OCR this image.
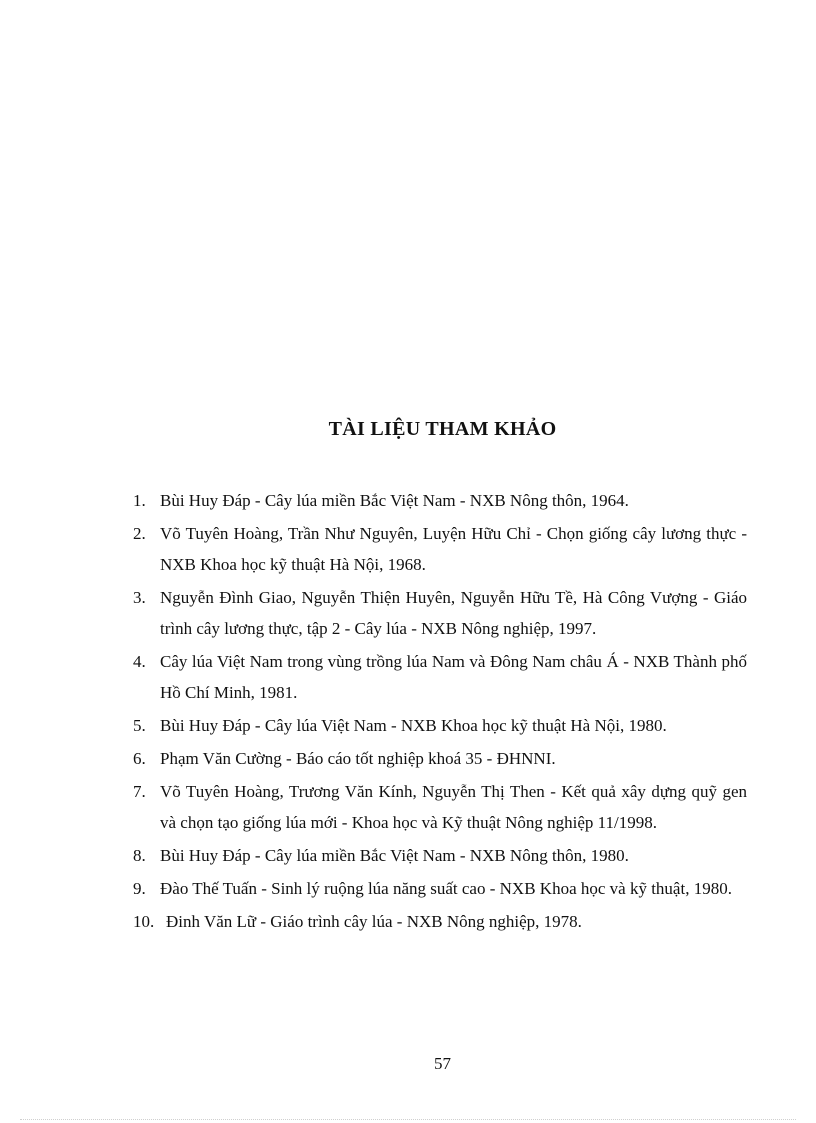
TÀI LIỆU THAM KHẢO
1. Bùi Huy Đáp - Cây lúa miền Bắc Việt Nam - NXB Nông thôn, 1964.
2. Võ Tuyên Hoàng, Trần Như Nguyên, Luyện Hữu Chỉ - Chọn giống cây lương thực - NXB Khoa học kỹ thuật Hà Nội, 1968.
3. Nguyễn Đình Giao, Nguyễn Thiện Huyên, Nguyễn Hữu Tề, Hà Công Vượng - Giáo trình cây lương thực, tập 2 - Cây lúa - NXB Nông nghiệp, 1997.
4. Cây lúa Việt Nam trong vùng trồng lúa Nam và Đông Nam châu Á - NXB Thành phố Hồ Chí Minh, 1981.
5. Bùi Huy Đáp - Cây lúa Việt Nam - NXB Khoa học kỹ thuật Hà Nội, 1980.
6. Phạm Văn Cường - Báo cáo tốt nghiệp khoá 35 - ĐHNNI.
7. Võ Tuyên Hoàng, Trương Văn Kính, Nguyễn Thị Then - Kết quả xây dựng quỹ gen và chọn tạo giống lúa mới - Khoa học và Kỹ thuật Nông nghiệp 11/1998.
8. Bùi Huy Đáp - Cây lúa miền Bắc Việt Nam - NXB Nông thôn, 1980.
9. Đào Thế Tuấn - Sinh lý ruộng lúa năng suất cao - NXB Khoa học và kỹ thuật, 1980.
10. Đinh Văn Lữ - Giáo trình cây lúa - NXB Nông nghiệp, 1978.
57
